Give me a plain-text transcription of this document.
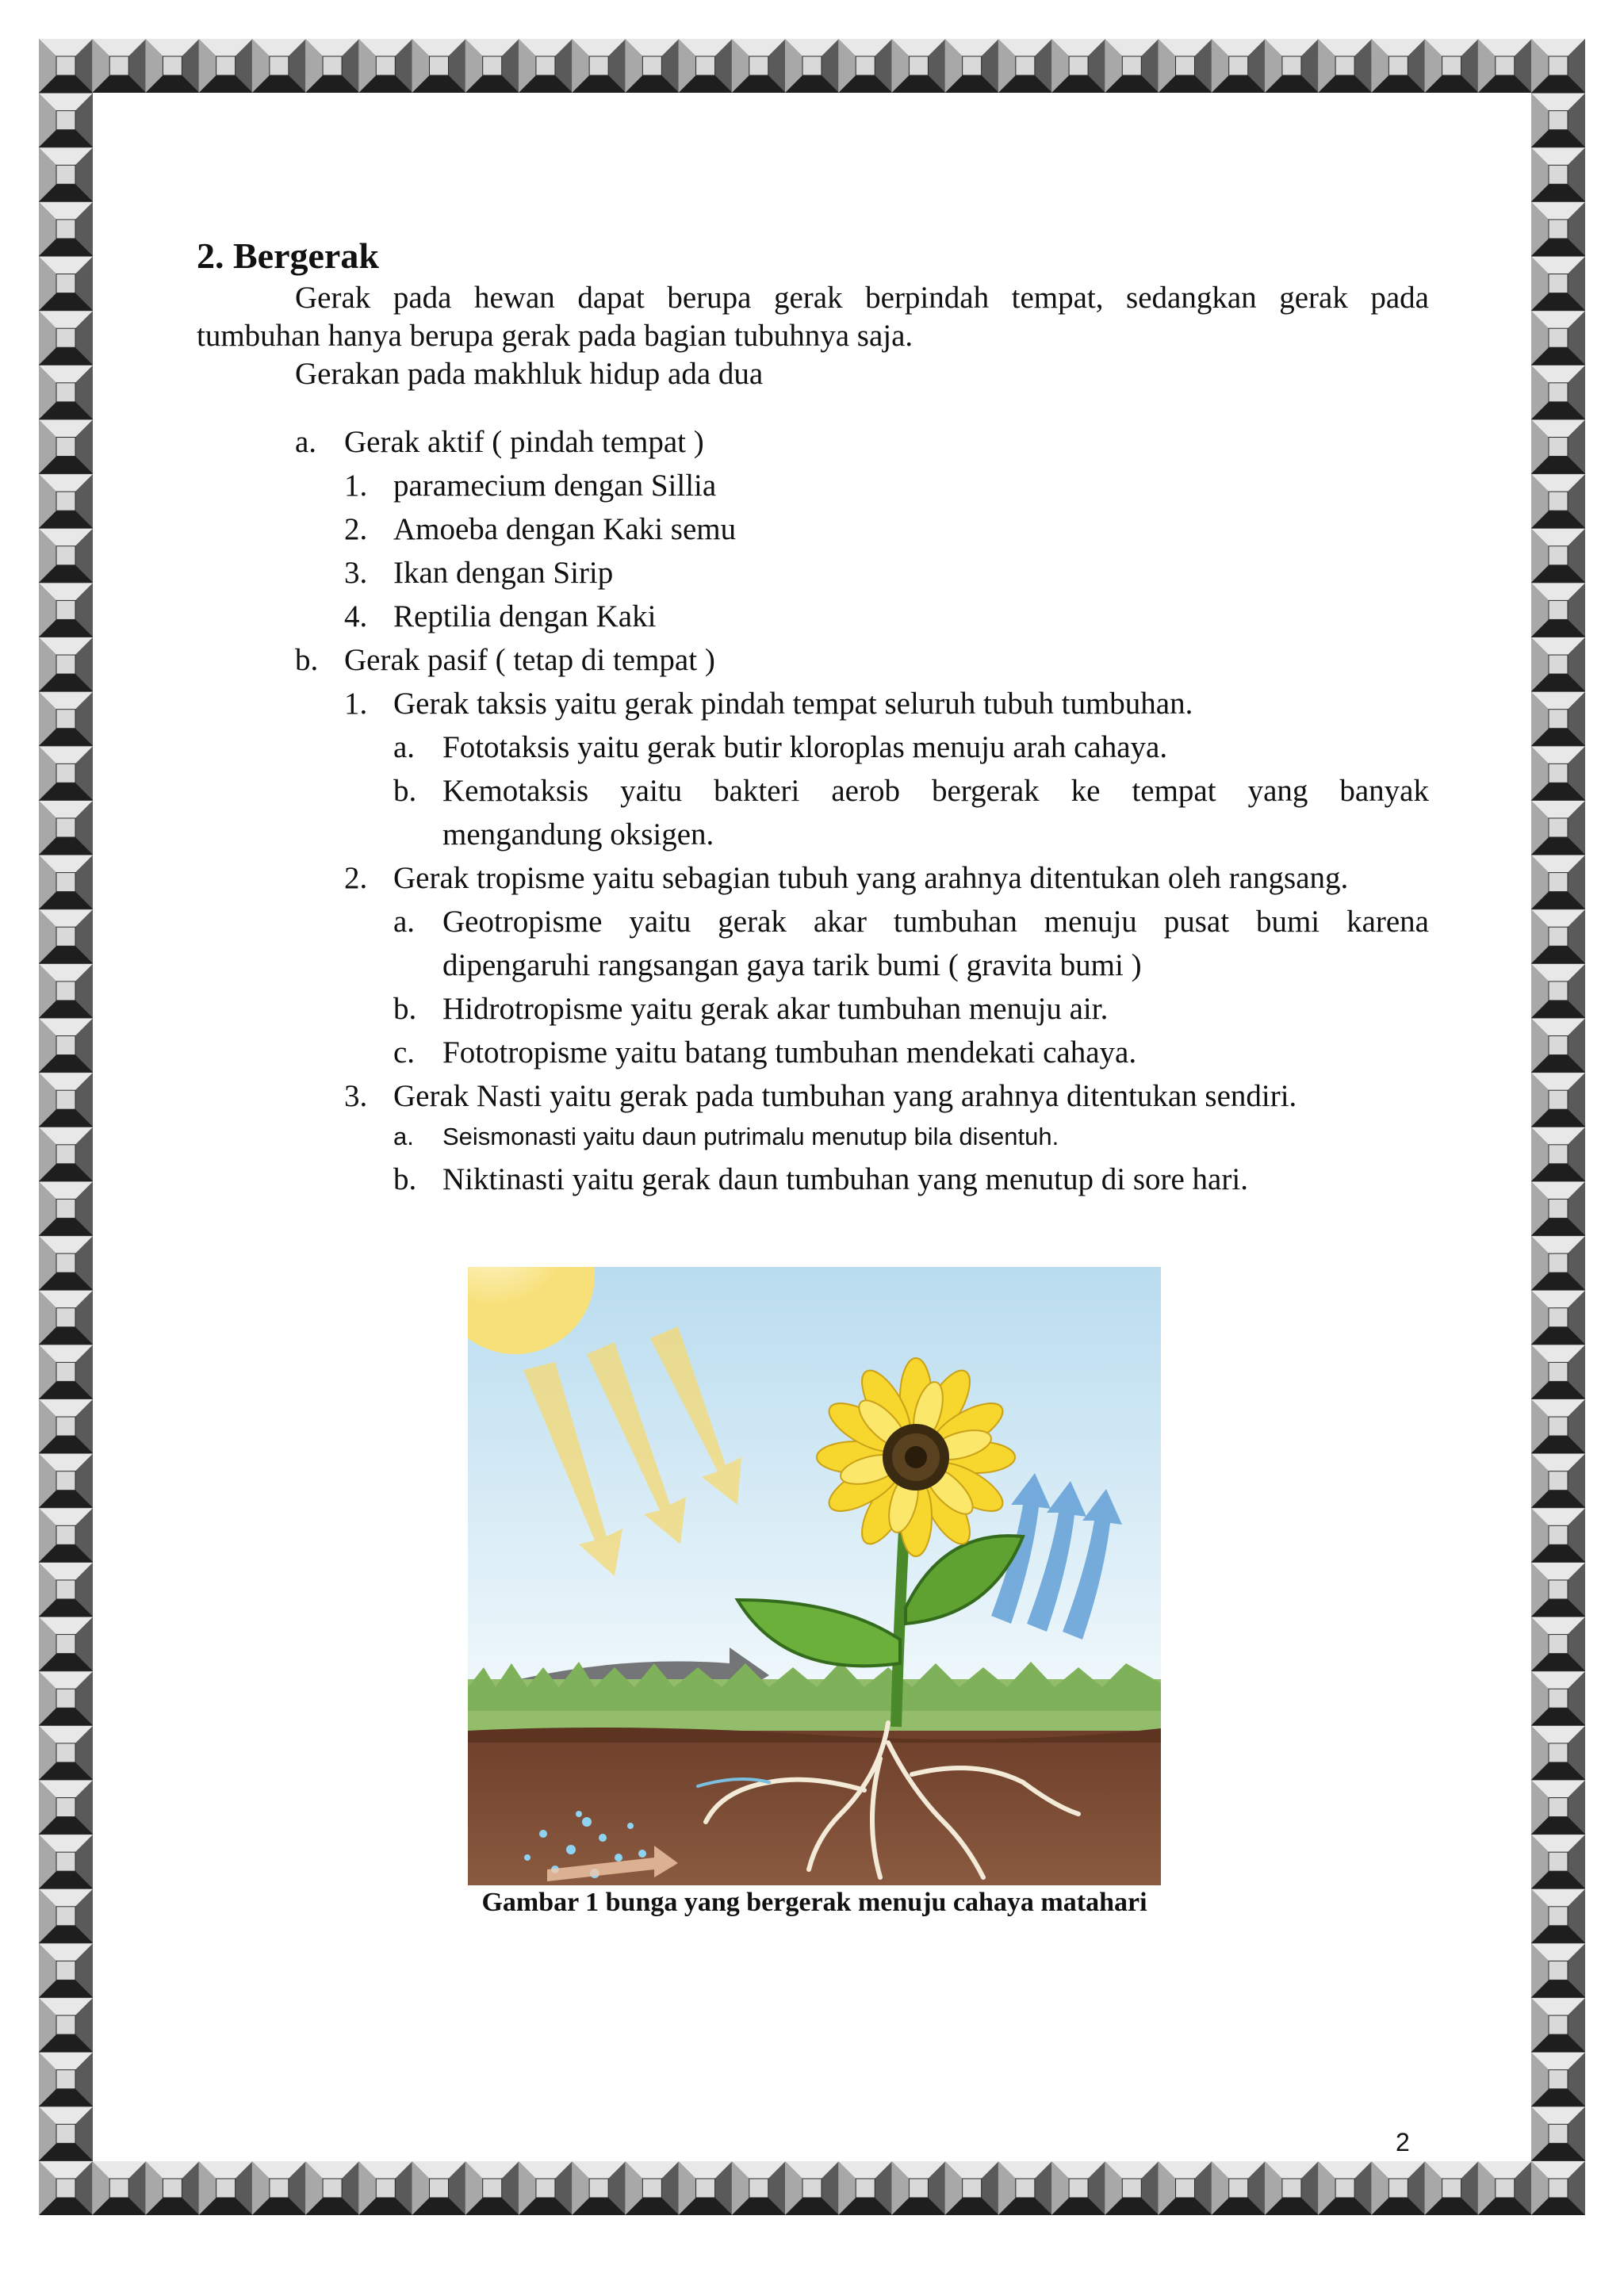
2. Bergerak
Gerak pada hewan dapat berupa gerak berpindah tempat, sedangkan gerak pada
tumbuhan hanya berupa gerak pada bagian tubuhnya saja.
Gerakan pada makhluk hidup ada dua
a. Gerak aktif ( pindah tempat )
1. paramecium dengan Sillia
2. Amoeba dengan Kaki semu
3. Ikan dengan Sirip
4. Reptilia dengan Kaki
b. Gerak pasif ( tetap di tempat )
1. Gerak taksis yaitu gerak pindah tempat seluruh tubuh tumbuhan.
a. Fototaksis yaitu gerak butir kloroplas menuju arah cahaya.
b. Kemotaksis yaitu bakteri aerob bergerak ke tempat yang banyak
mengandung oksigen.
2. Gerak tropisme yaitu sebagian tubuh yang arahnya ditentukan oleh rangsang.
a. Geotropisme yaitu gerak akar tumbuhan menuju pusat bumi karena
dipengaruhi rangsangan gaya tarik bumi ( gravita bumi )
b. Hidrotropisme yaitu gerak akar tumbuhan menuju air.
c. Fototropisme yaitu batang tumbuhan mendekati cahaya.
3. Gerak Nasti yaitu gerak pada tumbuhan yang arahnya ditentukan sendiri.
a. Seismonasti yaitu daun putrimalu menutup bila disentuh.
b. Niktinasti yaitu gerak daun tumbuhan yang menutup di sore hari.
Gambar 1 bunga yang bergerak menuju cahaya matahari
2
